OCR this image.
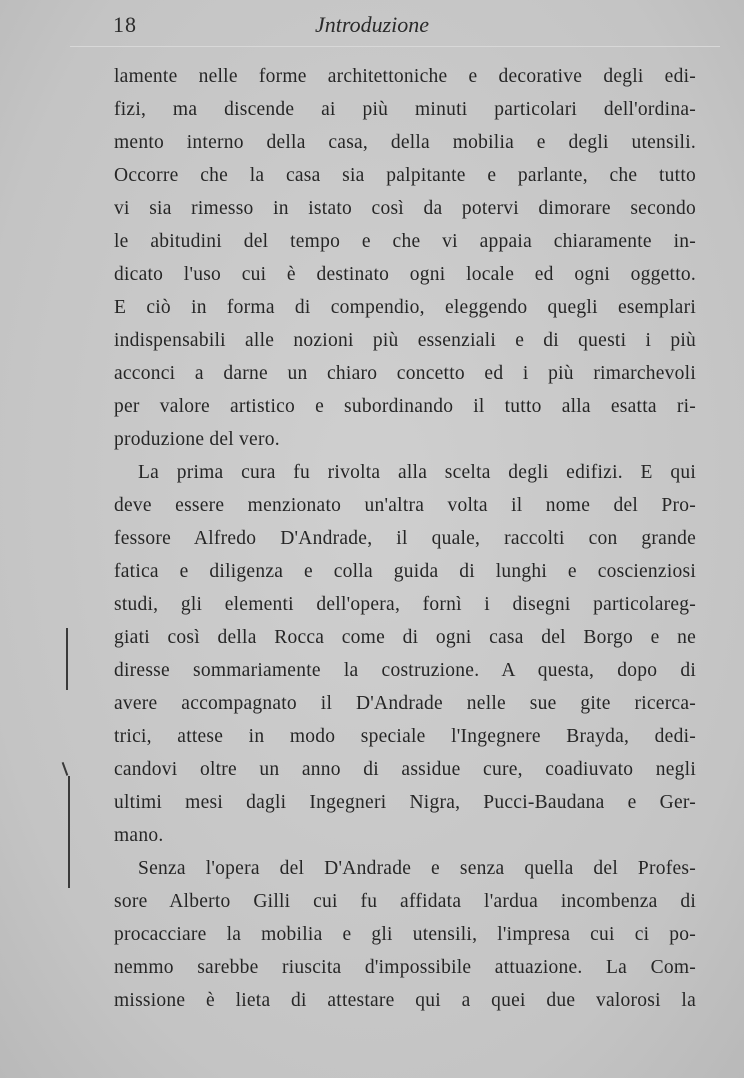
18	Jntroduzione
lamente nelle forme architettoniche e decorative degli edi-
fizi, ma discende ai più minuti particolari dell'ordina-
mento interno della casa, della mobilia e degli utensili.
Occorre che la casa sia palpitante e parlante, che tutto
vi sia rimesso in istato così da potervi dimorare secondo
le abitudini del tempo e che vi appaia chiaramente in-
dicato l'uso cui è destinato ogni locale ed ogni oggetto.
E ciò in forma di compendio, eleggendo quegli esemplari
indispensabili alle nozioni più essenziali e di questi i più
acconci a darne un chiaro concetto ed i più rimarchevoli
per valore artistico e subordinando il tutto alla esatta ri-
produzione del vero.
La prima cura fu rivolta alla scelta degli edifizi. E qui
deve essere menzionato un'altra volta il nome del Pro-
fessore Alfredo D'Andrade, il quale, raccolti con grande
fatica e diligenza e colla guida di lunghi e coscienziosi
studi, gli elementi dell'opera, fornì i disegni particolareg-
giati così della Rocca come di ogni casa del Borgo e ne
diresse sommariamente la costruzione. A questa, dopo di
avere accompagnato il D'Andrade nelle sue gite ricerca-
trici, attese in modo speciale l'Ingegnere Brayda, dedi-
candovi oltre un anno di assidue cure, coadiuvato negli
ultimi mesi dagli Ingegneri Nigra, Pucci-Baudana e Ger-
mano.
Senza l'opera del D'Andrade e senza quella del Profes-
sore Alberto Gilli cui fu affidata l'ardua incombenza di
procacciare la mobilia e gli utensili, l'impresa cui ci po-
nemmo sarebbe riuscita d'impossibile attuazione. La Com-
missione è lieta di attestare qui a quei due valorosi la
